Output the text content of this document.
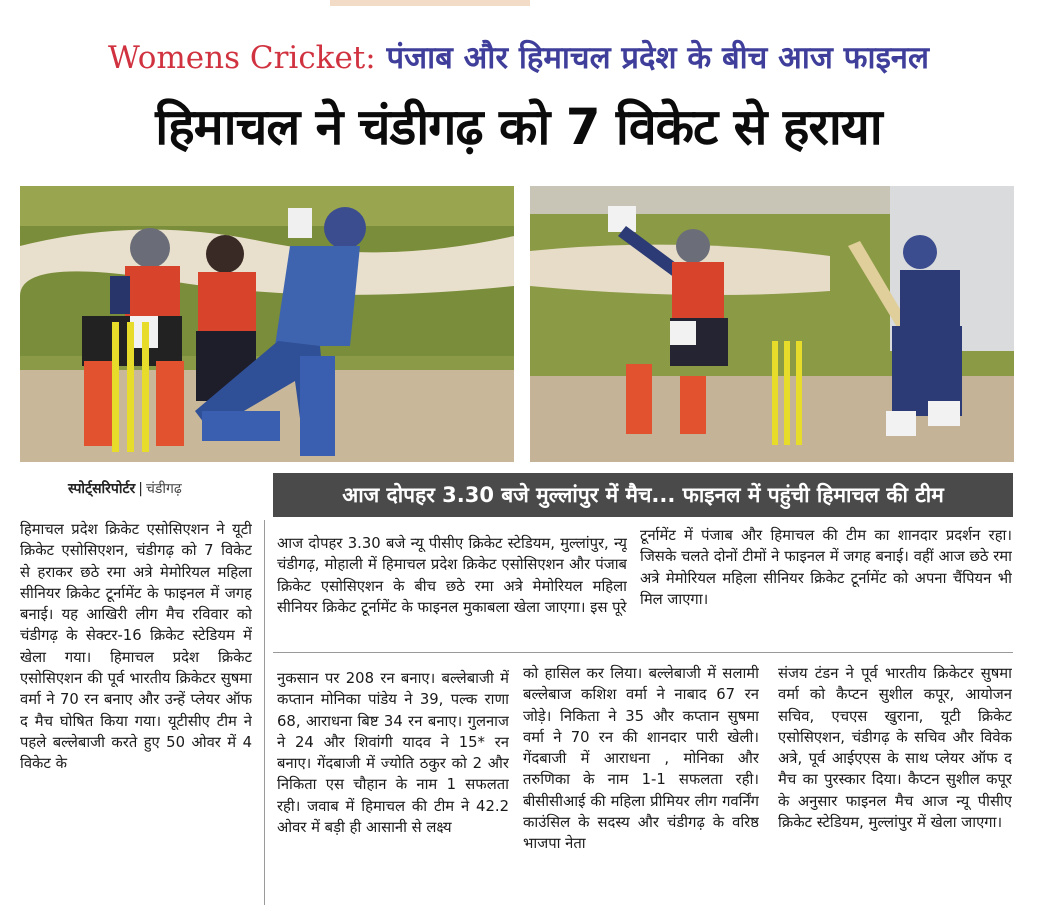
Womens Cricket: पंजाब और हिमाचल प्रदेश के बीच आज फाइनल
हिमाचल ने चंडीगढ़ को 7 विकेट से हराया
स्पोर्ट्सरिपोर्टर | चंडीगढ़	आज दोपहर 3.30 बजे मुल्लांपुर में मैच... फाइनल में पहुंची हिमाचल की टीम

हिमाचल प्रदेश क्रिकेट एसोसिएशन ने यूटी क्रिकेट एसोसिएशन, चंडीगढ़ को 7 विकेट से हराकर छठे रमा अत्रे मेमोरियल महिला सीनियर क्रिकेट टूर्नामेंट के फाइनल में जगह बनाई। यह आखिरी लीग मैच रविवार को चंडीगढ़ के सेक्टर-16 क्रिकेट स्टेडियम में खेला गया। हिमाचल प्रदेश क्रिकेट एसोसिएशन की पूर्व भारतीय क्रिकेटर सुषमा वर्मा ने 70 रन बनाए और उन्हें प्लेयर ऑफ द मैच घोषित किया गया। यूटीसीए टीम ने पहले बल्लेबाजी करते हुए 50 ओवर में 4 विकेट के

आज दोपहर 3.30 बजे न्यू पीसीए क्रिकेट स्टेडियम, मुल्लांपुर, न्यू चंडीगढ़, मोहाली में हिमाचल प्रदेश क्रिकेट एसोसिएशन और पंजाब क्रिकेट एसोसिएशन के बीच छठे रमा अत्रे मेमोरियल महिला सीनियर क्रिकेट टूर्नामेंट के फाइनल मुकाबला खेला जाएगा। इस पूरे

टूर्नामेंट में पंजाब और हिमाचल की टीम का शानदार प्रदर्शन रहा। जिसके चलते दोनों टीमों ने फाइनल में जगह बनाई। वहीं आज छठे रमा अत्रे मेमोरियल महिला सीनियर क्रिकेट टूर्नामेंट को अपना चैंपियन भी मिल जाएगा।

नुकसान पर 208 रन बनाए। बल्लेबाजी में कप्तान मोनिका पांडेय ने 39, पल्क राणा 68, आराधना बिष्ट 34 रन बनाए। गुलनाज ने 24 और शिवांगी यादव ने 15* रन बनाए। गेंदबाजी में ज्योति ठकुर को 2 और निकिता एस चौहान के नाम 1 सफलता रही। जवाब में हिमाचल की टीम ने 42.2 ओवर में बड़ी ही आसानी से लक्ष्य

को हासिल कर लिया। बल्लेबाजी में सलामी बल्लेबाज कशिश वर्मा ने नाबाद 67 रन जोड़े। निकिता ने 35 और कप्तान सुषमा वर्मा ने 70 रन की शानदार पारी खेली। गेंदबाजी में आराधना , मोनिका और तरुणिका के नाम 1-1 सफलता रही। बीसीसीआई की महिला प्रीमियर लीग गवर्निंग काउंसिल के सदस्य और चंडीगढ़ के वरिष्ठ भाजपा नेता

संजय टंडन ने पूर्व भारतीय क्रिकेटर सुषमा वर्मा को कैप्टन सुशील कपूर, आयोजन सचिव, एचएस खुराना, यूटी क्रिकेट एसोसिएशन, चंडीगढ़ के सचिव और विवेक अत्रे, पूर्व आईएएस के साथ प्लेयर ऑफ द मैच का पुरस्कार दिया। कैप्टन सुशील कपूर के अनुसार फाइनल मैच आज न्यू पीसीए क्रिकेट स्टेडियम, मुल्लांपुर में खेला जाएगा।
